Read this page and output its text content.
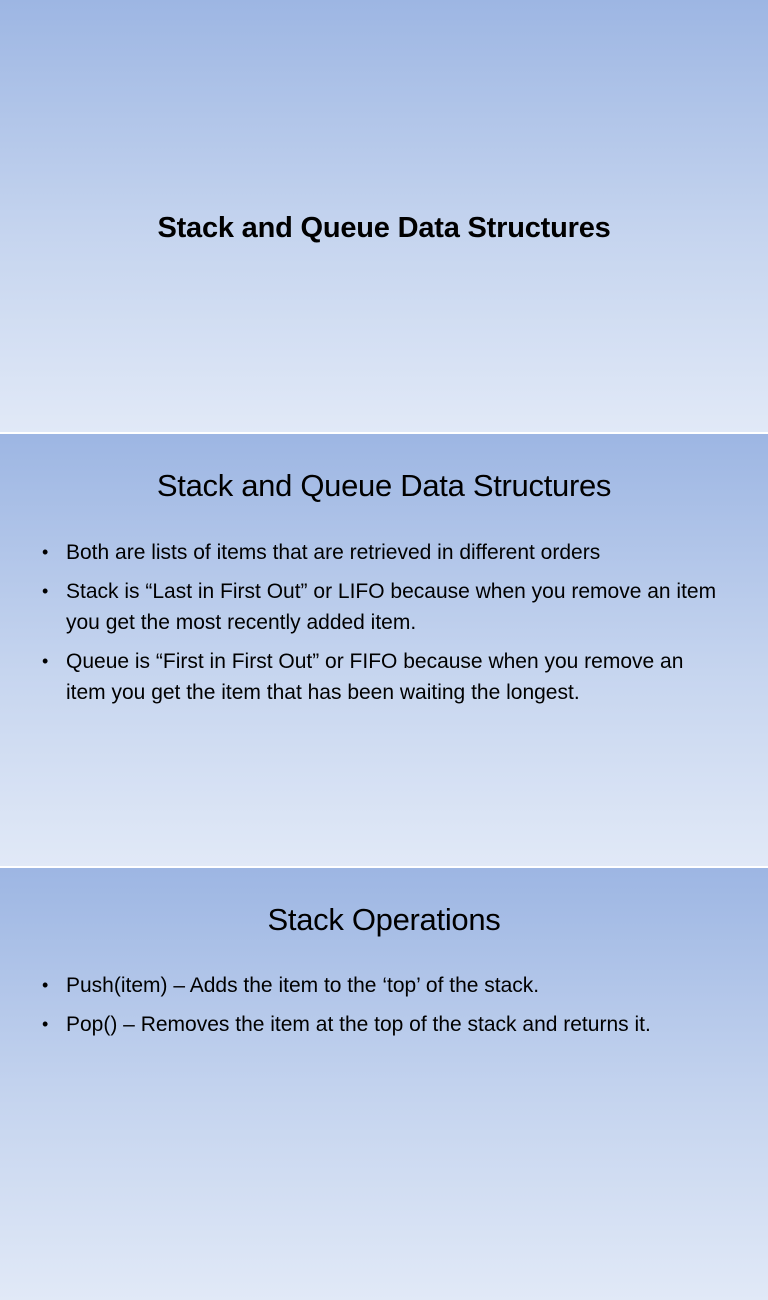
Stack and Queue Data Structures
Stack and Queue Data Structures
• Both are lists of items that are retrieved in different orders
• Stack is “Last in First Out” or LIFO because when you remove an item you get the most recently added item.
• Queue is “First in First Out” or FIFO because when you remove an item you get the item that has been waiting the longest.
Stack Operations
• Push(item) – Adds the item to the ‘top’ of the stack.
• Pop() – Removes the item at the top of the stack and returns it.
